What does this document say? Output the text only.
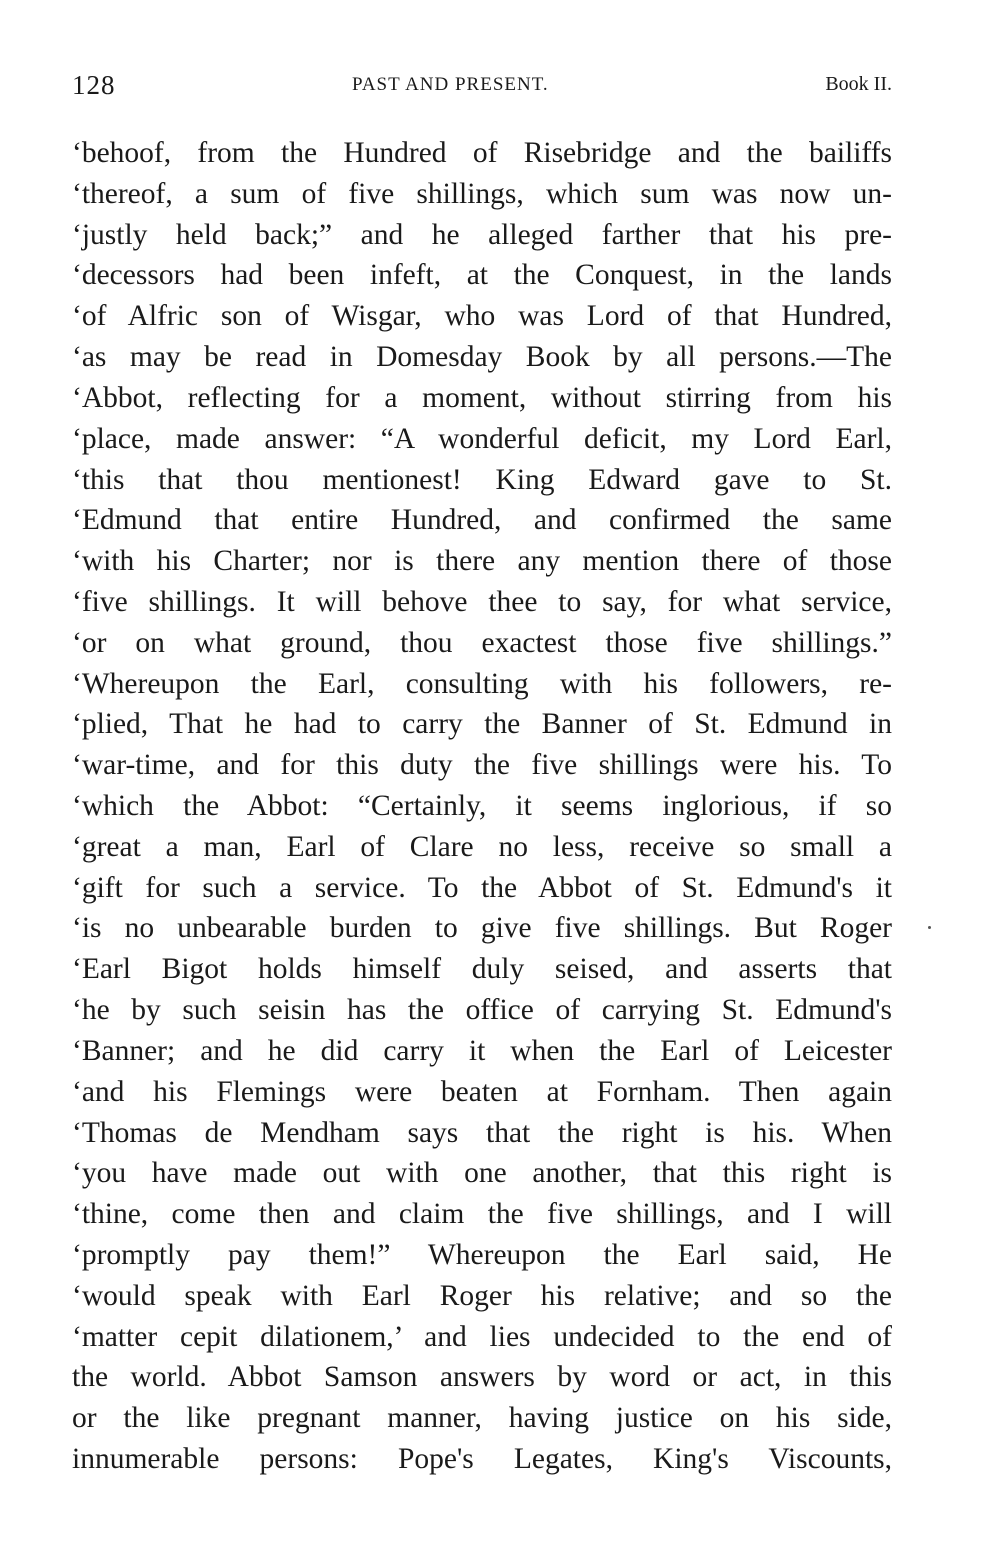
128	PAST AND PRESENT.	Book II.
‘behoof, from the Hundred of Risebridge and the bailiffs
‘thereof, a sum of five shillings, which sum was now un-
‘justly held back;” and he alleged farther that his pre-
‘decessors had been infeft, at the Conquest, in the lands
‘of Alfric son of Wisgar, who was Lord of that Hundred,
‘as may be read in Domesday Book by all persons.—The
‘Abbot, reflecting for a moment, without stirring from his
‘place, made answer: “A wonderful deficit, my Lord Earl,
‘this that thou mentionest! King Edward gave to St.
‘Edmund that entire Hundred, and confirmed the same
‘with his Charter; nor is there any mention there of those
‘five shillings. It will behove thee to say, for what service,
‘or on what ground, thou exactest those five shillings.”
‘Whereupon the Earl, consulting with his followers, re-
‘plied, That he had to carry the Banner of St. Edmund in
‘war-time, and for this duty the five shillings were his. To
‘which the Abbot: “Certainly, it seems inglorious, if so
‘great a man, Earl of Clare no less, receive so small a
‘gift for such a service. To the Abbot of St. Edmund's it
‘is no unbearable burden to give five shillings. But Roger
‘Earl Bigot holds himself duly seised, and asserts that
‘he by such seisin has the office of carrying St. Edmund's
‘Banner; and he did carry it when the Earl of Leicester
‘and his Flemings were beaten at Fornham. Then again
‘Thomas de Mendham says that the right is his. When
‘you have made out with one another, that this right is
‘thine, come then and claim the five shillings, and I will
‘promptly pay them!” Whereupon the Earl said, He
‘would speak with Earl Roger his relative; and so the
‘matter cepit dilationem,’ and lies undecided to the end of
the world. Abbot Samson answers by word or act, in this
or the like pregnant manner, having justice on his side,
innumerable persons: Pope's Legates, King's Viscounts,
